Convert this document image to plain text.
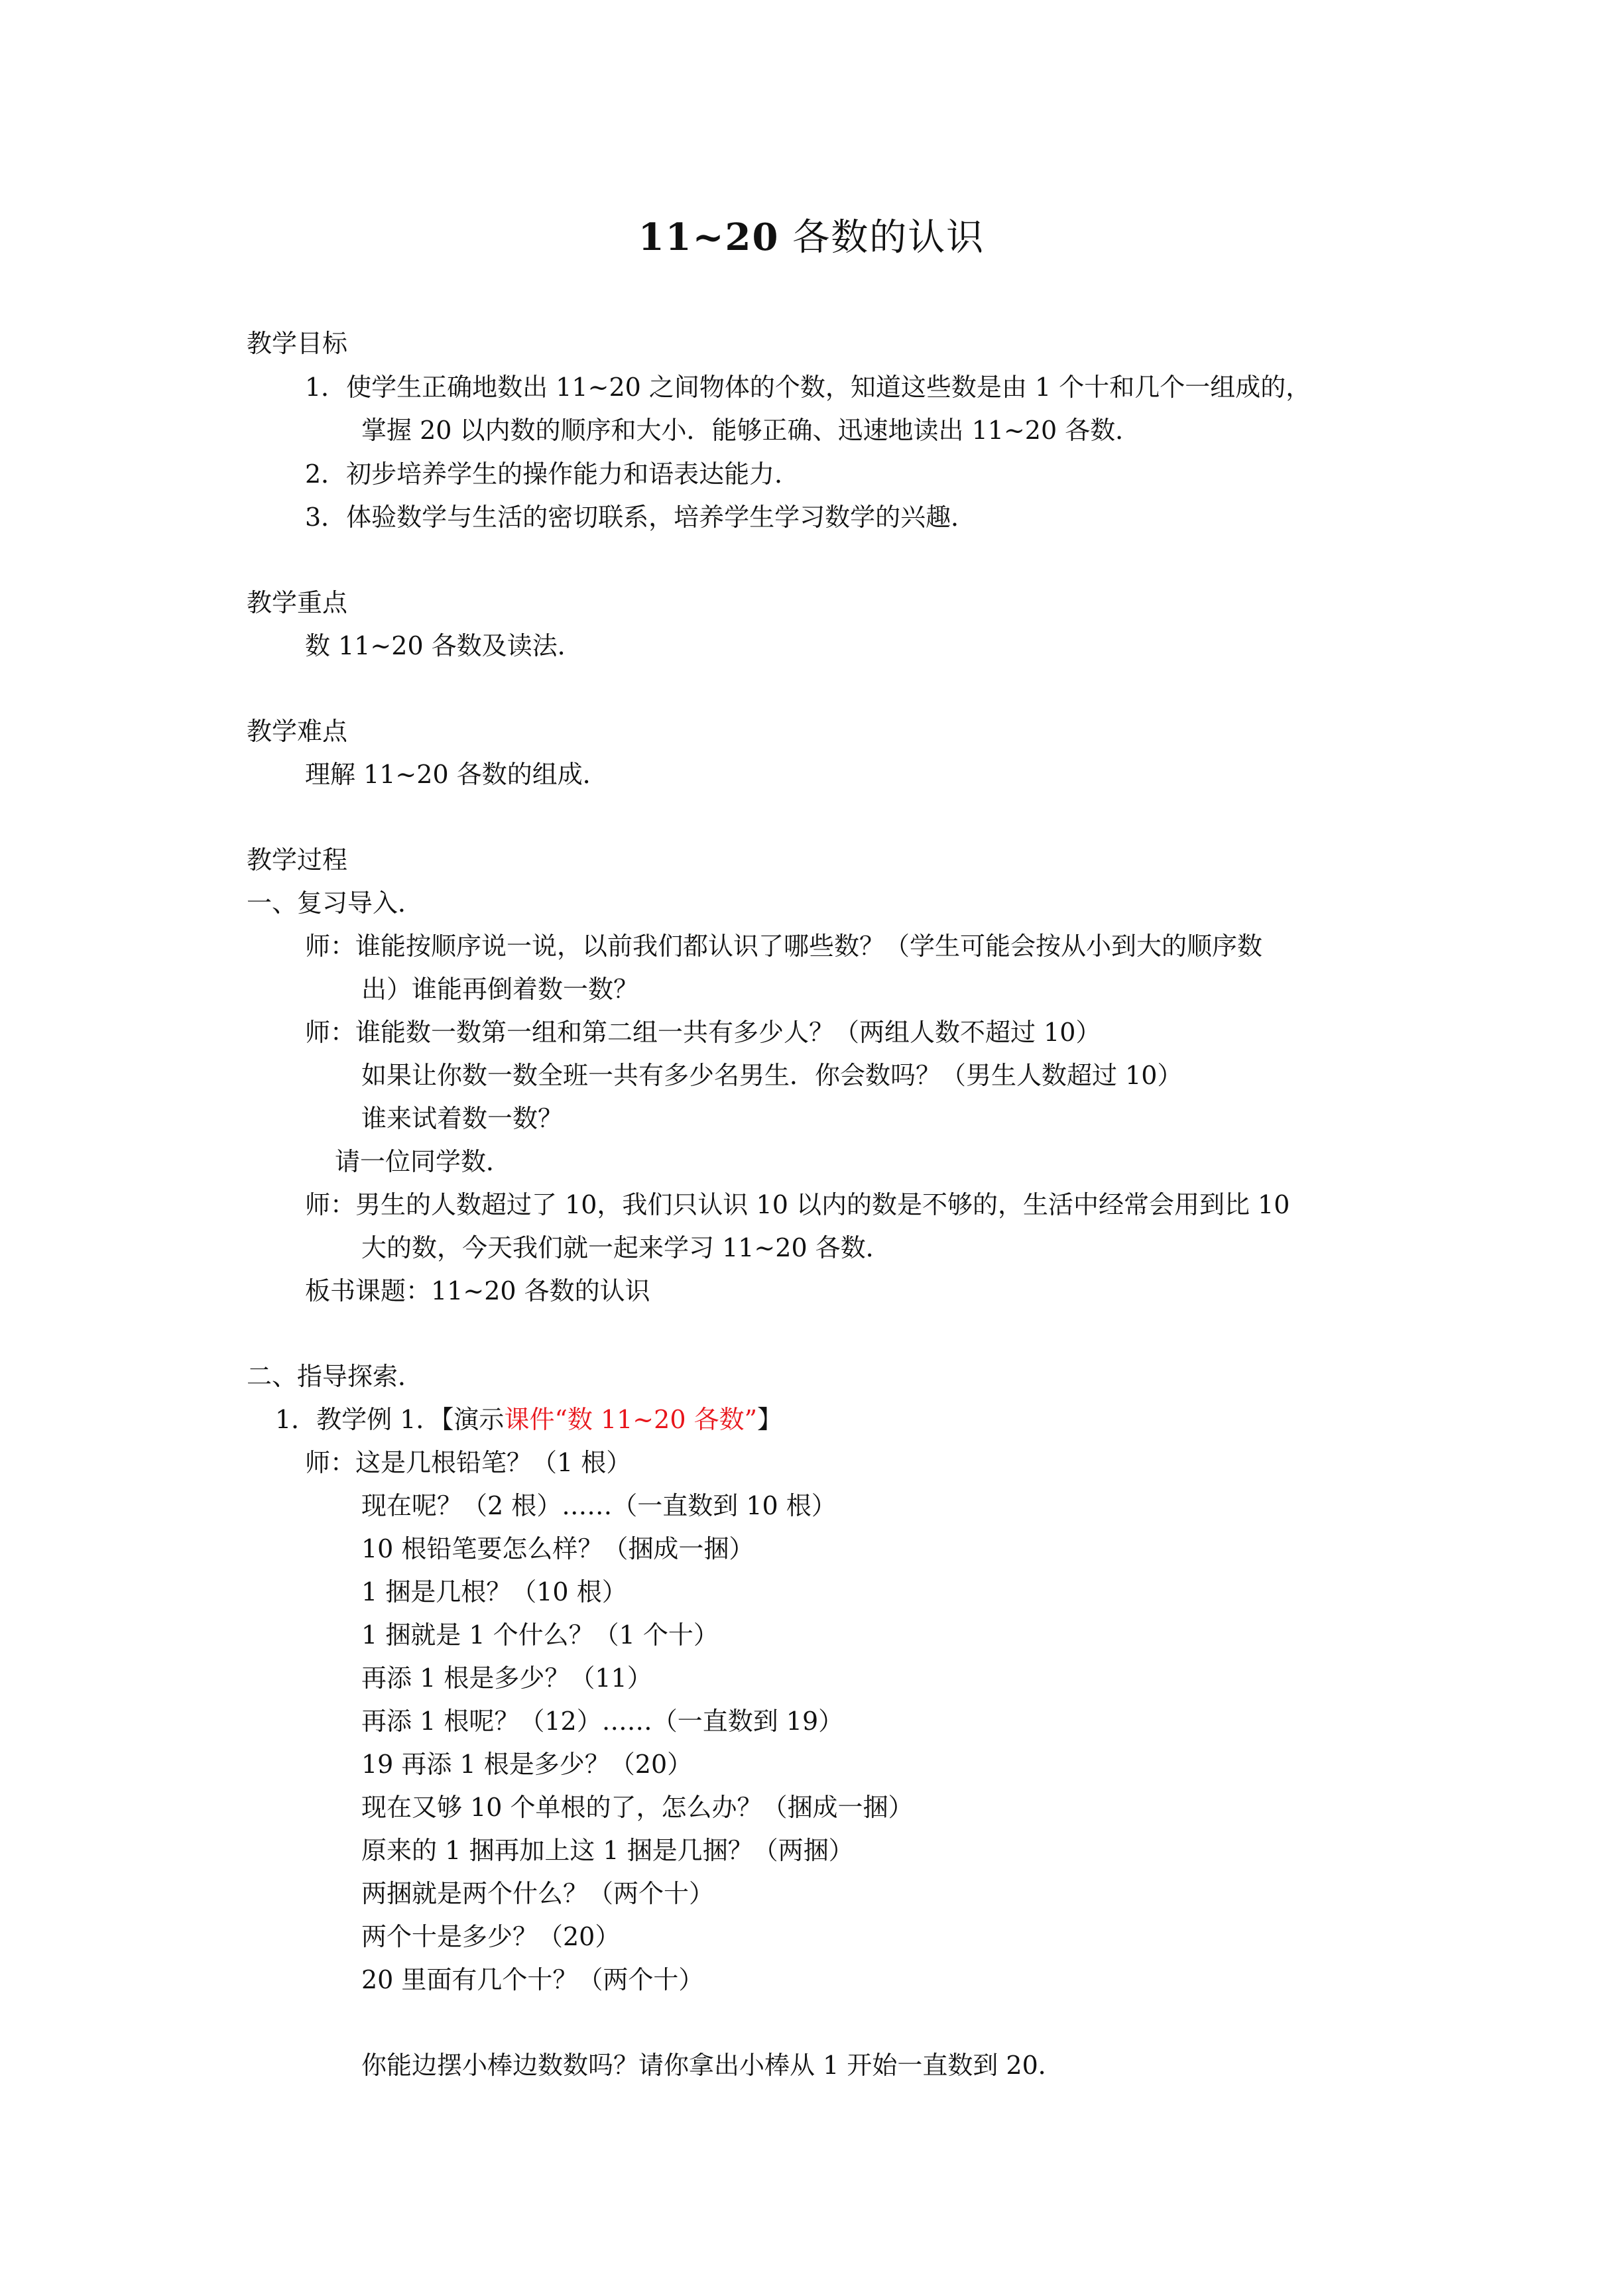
11~20 各数的认识
教学目标
1．使学生正确地数出 11~20 之间物体的个数，知道这些数是由 1 个十和几个一组成的，
掌握 20 以内数的顺序和大小．能够正确、迅速地读出 11~20 各数．
2．初步培养学生的操作能力和语表达能力．
3．体验数学与生活的密切联系，培养学生学习数学的兴趣．
教学重点
数 11~20 各数及读法．
教学难点
理解 11~20 各数的组成．
教学过程
一、复习导入．
师：谁能按顺序说一说，以前我们都认识了哪些数？（学生可能会按从小到大的顺序数
出）谁能再倒着数一数？
师：谁能数一数第一组和第二组一共有多少人？（两组人数不超过 10）
如果让你数一数全班一共有多少名男生．你会数吗？（男生人数超过 10）
谁来试着数一数？
请一位同学数．
师：男生的人数超过了 10，我们只认识 10 以内的数是不够的，生活中经常会用到比 10
大的数，今天我们就一起来学习 11~20 各数．
板书课题：11~20 各数的认识
二、指导探索．
1．教学例 1．【演示课件“数 11~20 各数”】
师：这是几根铅笔？（1 根）
现在呢？（2 根）……（一直数到 10 根）
10 根铅笔要怎么样？（捆成一捆）
1 捆是几根？（10 根）
1 捆就是 1 个什么？（1 个十）
再添 1 根是多少？（11）
再添 1 根呢？（12）……（一直数到 19）
19 再添 1 根是多少？（20）
现在又够 10 个单根的了，怎么办？（捆成一捆）
原来的 1 捆再加上这 1 捆是几捆？（两捆）
两捆就是两个什么？（两个十）
两个十是多少？（20）
20 里面有几个十？（两个十）
你能边摆小棒边数数吗？请你拿出小棒从 1 开始一直数到 20．
